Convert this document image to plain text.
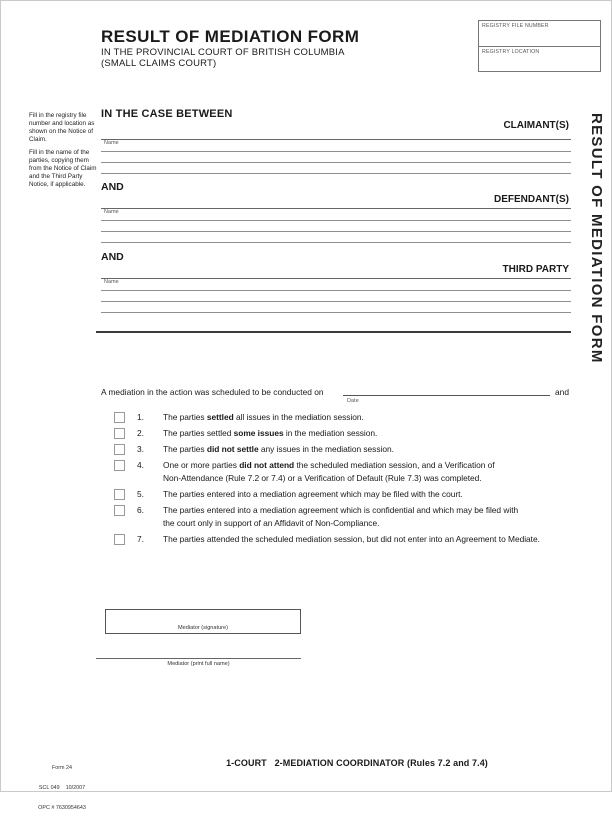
RESULT OF MEDIATION FORM
IN THE PROVINCIAL COURT OF BRITISH COLUMBIA
(SMALL CLAIMS COURT)
REGISTRY FILE NUMBER
REGISTRY LOCATION
Fill in the registry file number and location as shown on the Notice of Claim.
Fill in the name of the parties, copying them from the Notice of Claim and the Third Party Notice, if applicable.	RESULT OF MEDIATION FORM
IN THE CASE BETWEEN
CLAIMANT(S)
Name
AND
DEFENDANT(S)
Name
AND
THIRD PARTY
Name
A mediation in the action was scheduled to be conducted on
Date
and
1. The parties settled all issues in the mediation session.
2. The parties settled some issues in the mediation session.
3. The parties did not settle any issues in the mediation session.
4. One or more parties did not attend the scheduled mediation session, and a Verification of
Non-Attendance (Rule 7.2 or 7.4) or a Verification of Default (Rule 7.3) was completed.
5. The parties entered into a mediation agreement which may be filed with the court.
6. The parties entered into a mediation agreement which is confidential and which may be filed with
the court only in support of an Affidavit of Non-Compliance.
7. The parties attended the scheduled mediation session, but did not enter into an Agreement to Mediate.
Mediator (signature)
Mediator (print full name)

Form 24

SCL 049    10/2007

OPC # 7630954643

1-COURT   2-MEDIATION COORDINATOR (Rules 7.2 and 7.4)
